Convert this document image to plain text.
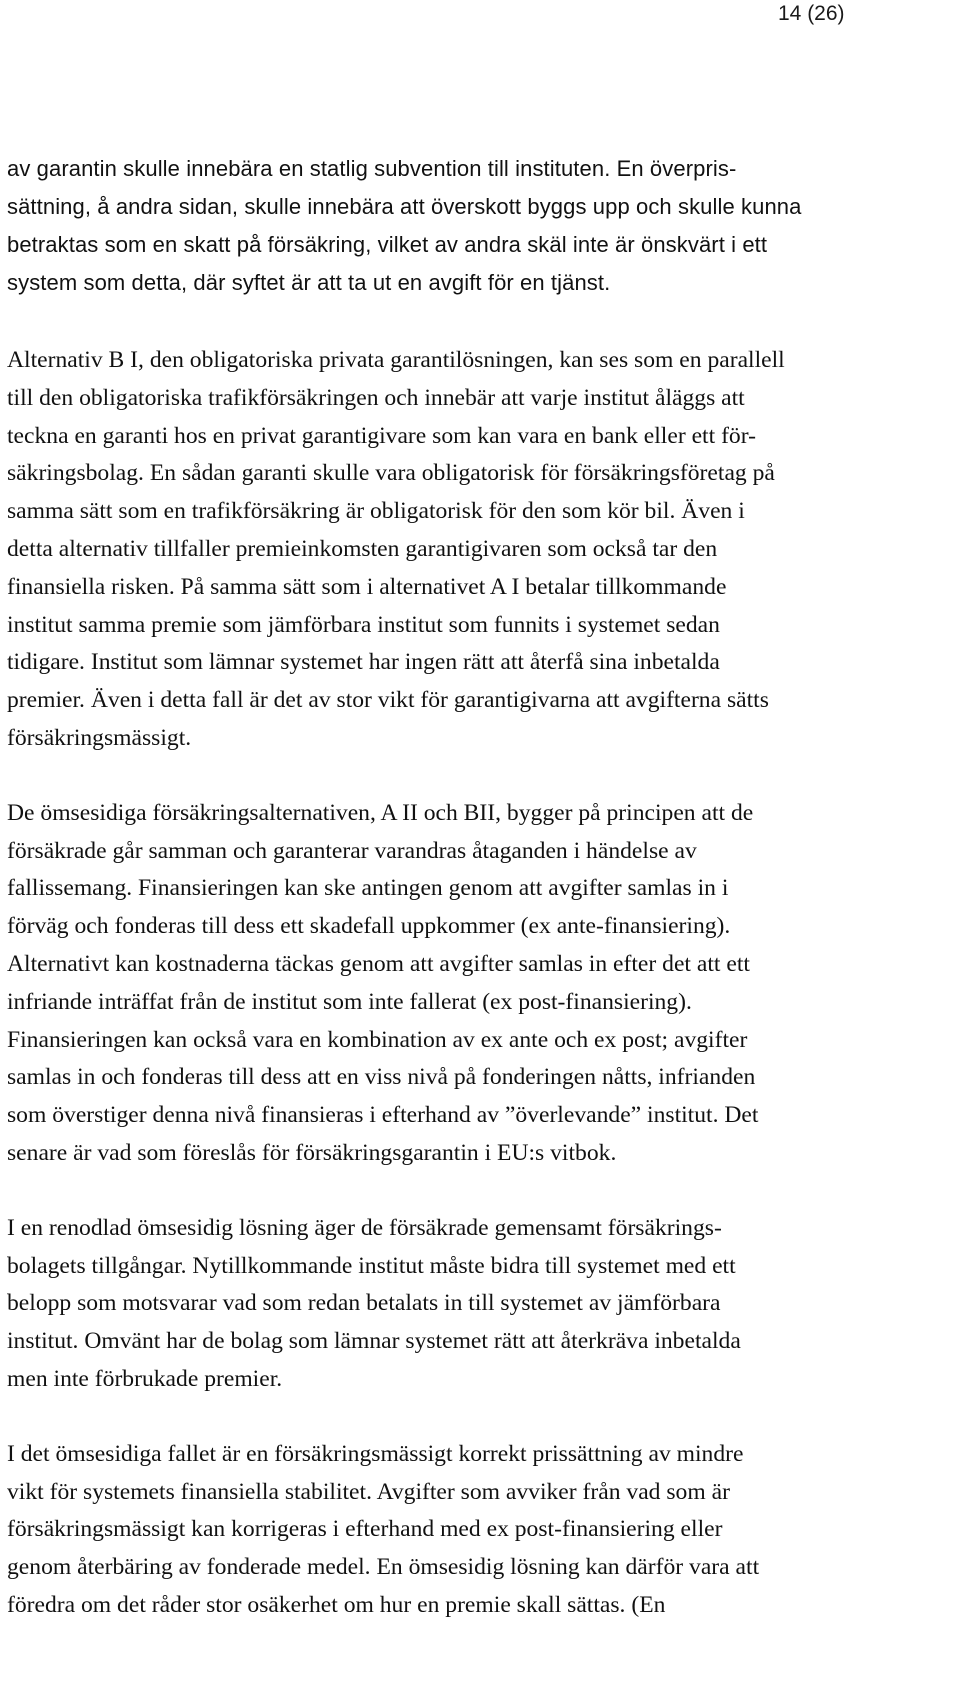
14 (26)

av garantin skulle innebära en statlig subvention till instituten. En överpris-
sättning, å andra sidan, skulle innebära att överskott byggs upp och skulle kunna
betraktas som en skatt på försäkring, vilket av andra skäl inte är önskvärt i ett
system som detta, där syftet är att ta ut en avgift för en tjänst.

Alternativ B I, den obligatoriska privata garantilösningen, kan ses som en parallell
till den obligatoriska trafikförsäkringen och innebär att varje institut åläggs att
teckna en garanti hos en privat garantigivare som kan vara en bank eller ett för-
säkringsbolag. En sådan garanti skulle vara obligatorisk för försäkringsföretag på
samma sätt som en trafikförsäkring är obligatorisk för den som kör bil. Även i
detta alternativ tillfaller premieinkomsten garantigivaren som också tar den
finansiella risken. På samma sätt som i alternativet A I betalar tillkommande
institut samma premie som jämförbara institut som funnits i systemet sedan
tidigare. Institut som lämnar systemet har ingen rätt att återfå sina inbetalda
premier. Även i detta fall är det av stor vikt för garantigivarna att avgifterna sätts
försäkringsmässigt.

De ömsesidiga försäkringsalternativen, A II och BII, bygger på principen att de
försäkrade går samman och garanterar varandras åtaganden i händelse av
fallissemang. Finansieringen kan ske antingen genom att avgifter samlas in i
förväg och fonderas till dess ett skadefall uppkommer (ex ante-finansiering).
Alternativt kan kostnaderna täckas genom att avgifter samlas in efter det att ett
infriande inträffat från de institut som inte fallerat (ex post-finansiering).
Finansieringen kan också vara en kombination av ex ante och ex post; avgifter
samlas in och fonderas till dess att en viss nivå på fonderingen nåtts, infrianden
som överstiger denna nivå finansieras i efterhand av ”överlevande” institut. Det
senare är vad som föreslås för försäkringsgarantin i EU:s vitbok.

I en renodlad ömsesidig lösning äger de försäkrade gemensamt försäkrings-
bolagets tillgångar. Nytillkommande institut måste bidra till systemet med ett
belopp som motsvarar vad som redan betalats in till systemet av jämförbara
institut. Omvänt har de bolag som lämnar systemet rätt att återkräva inbetalda
men inte förbrukade premier.

I det ömsesidiga fallet är en försäkringsmässigt korrekt prissättning av mindre
vikt för systemets finansiella stabilitet. Avgifter som avviker från vad som är
försäkringsmässigt kan korrigeras i efterhand med ex post-finansiering eller
genom återbäring av fonderade medel. En ömsesidig lösning kan därför vara att
föredra om det råder stor osäkerhet om hur en premie skall sättas. (En
